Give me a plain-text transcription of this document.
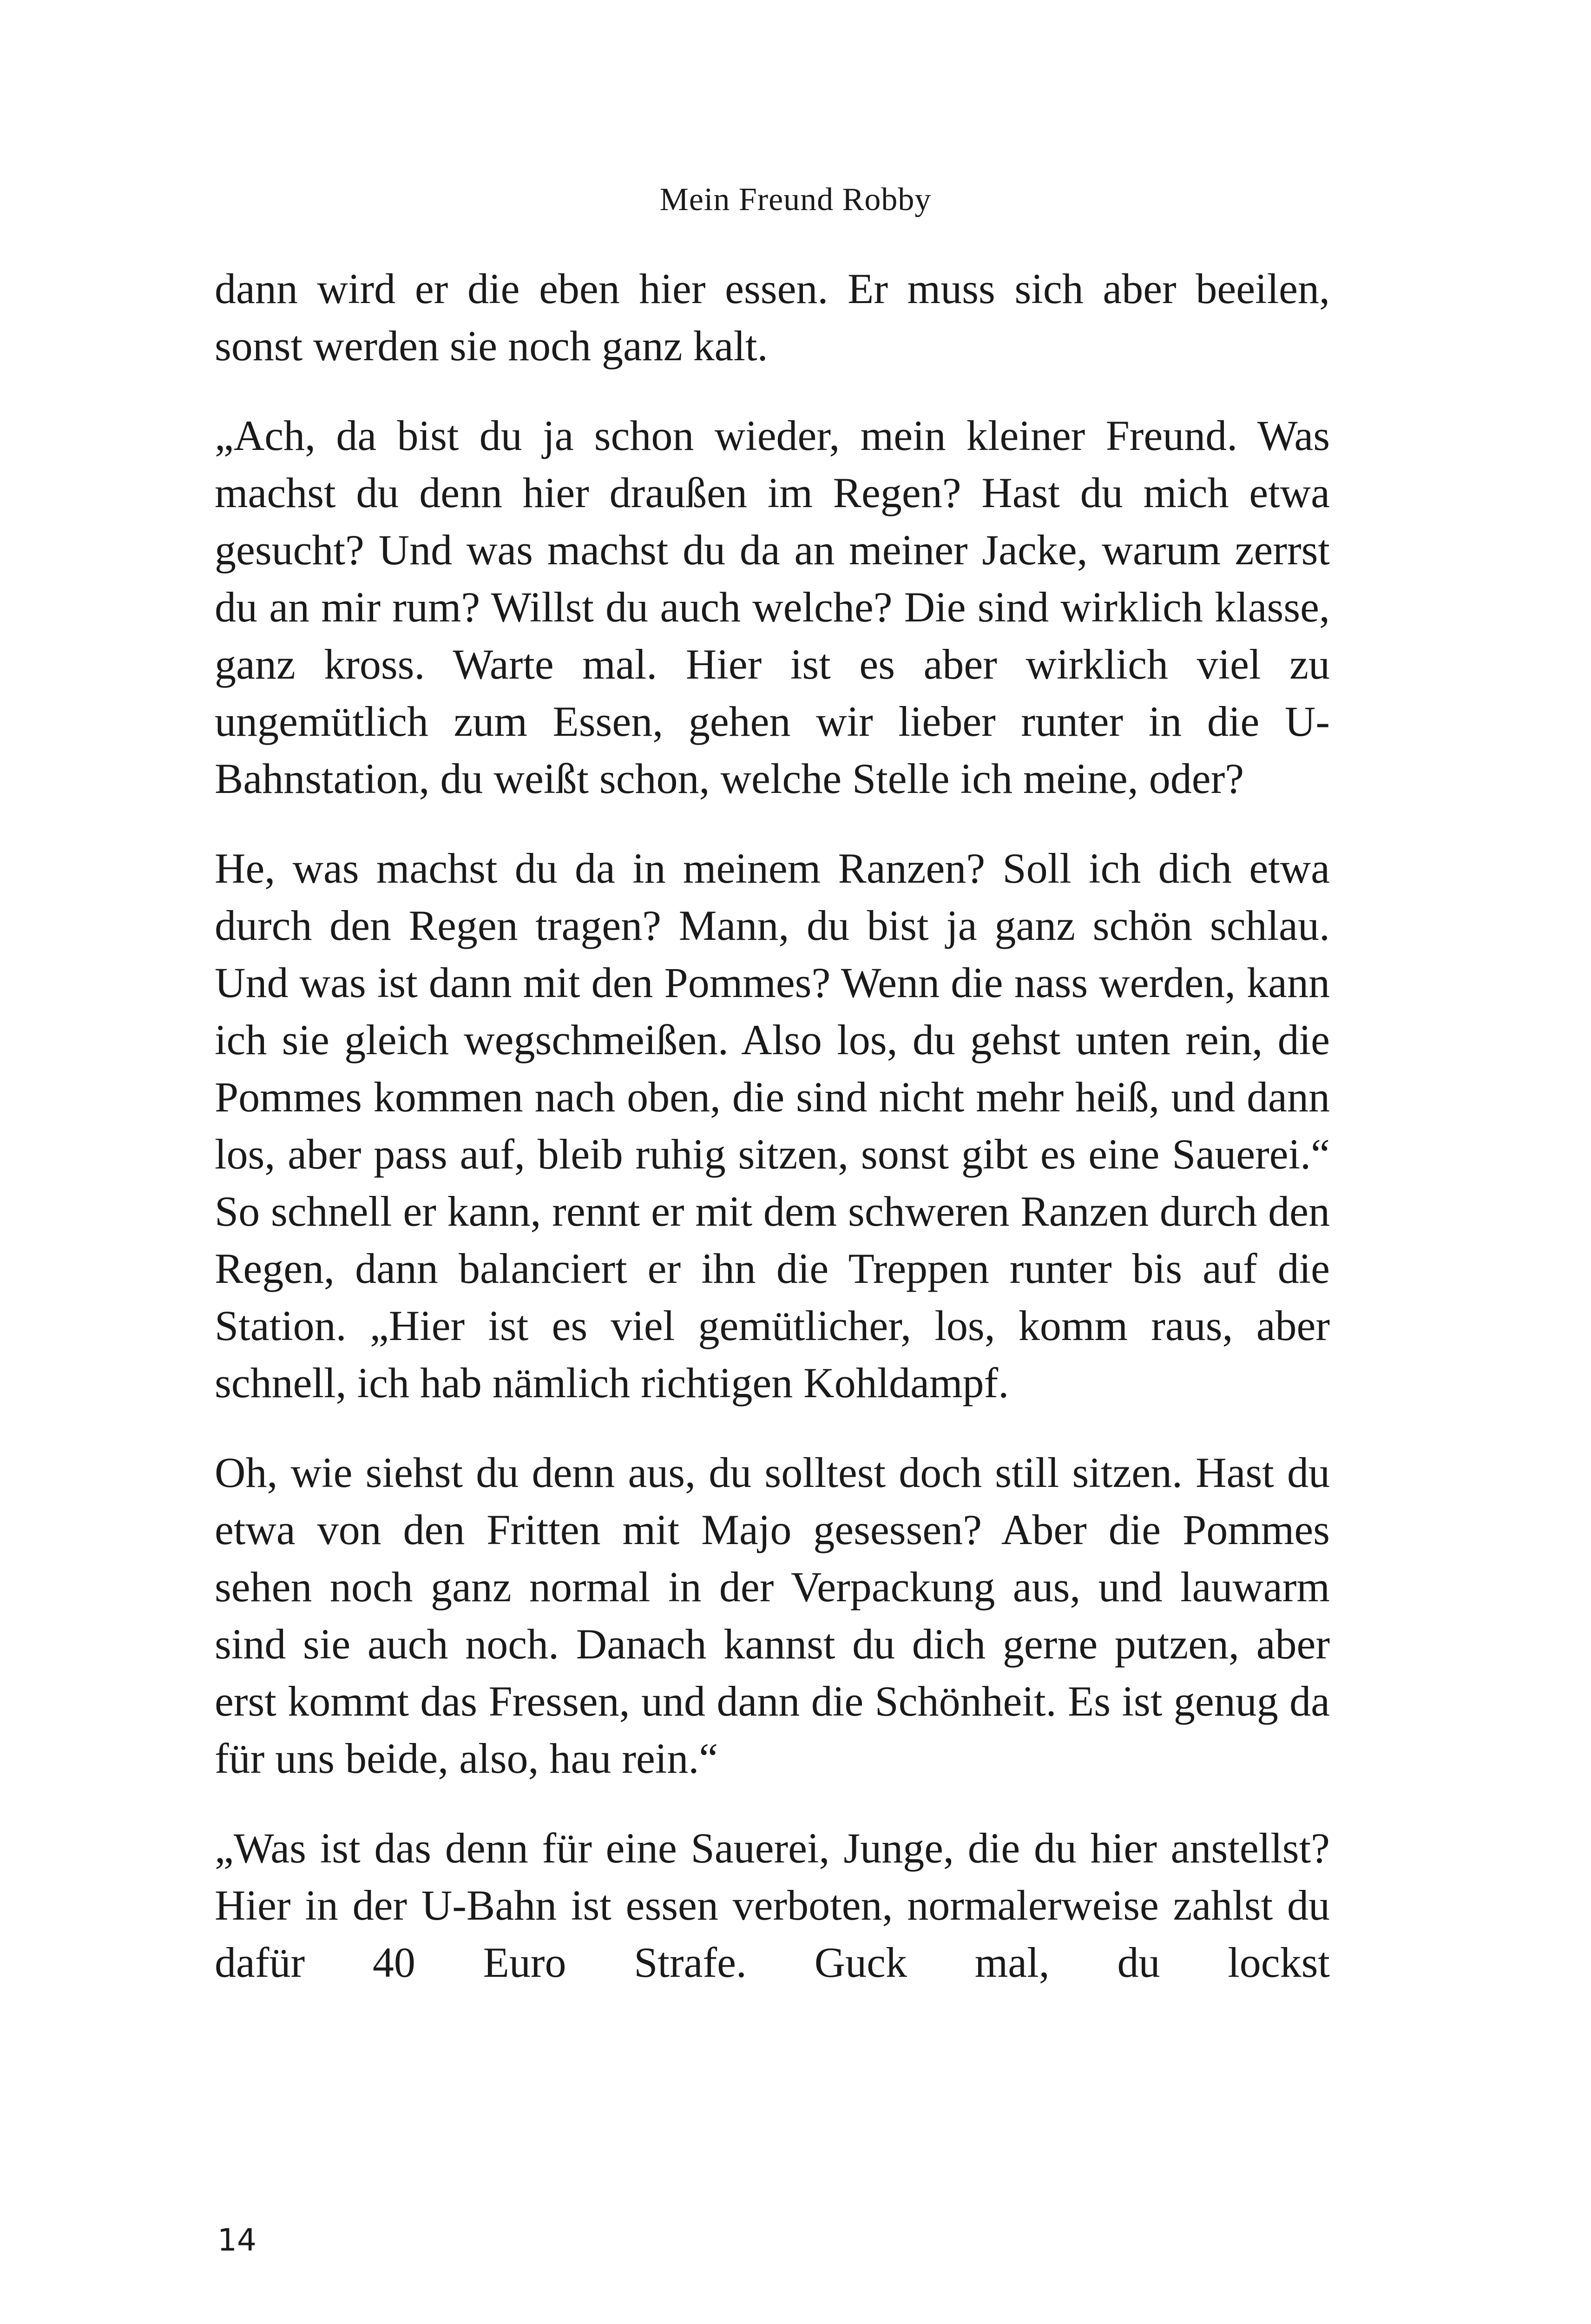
Mein Freund Robby

dann wird er die eben hier essen. Er muss sich aber beeilen, sonst werden sie noch ganz kalt.

„Ach, da bist du ja schon wieder, mein kleiner Freund. Was machst du denn hier draußen im Regen? Hast du mich etwa gesucht? Und was machst du da an meiner Jacke, warum zerrst du an mir rum? Willst du auch welche? Die sind wirklich klasse, ganz kross. Warte mal. Hier ist es aber wirklich viel zu ungemütlich zum Essen, gehen wir lieber runter in die U-Bahnstation, du weißt schon, welche Stelle ich meine, oder?

He, was machst du da in meinem Ranzen? Soll ich dich etwa durch den Regen tragen? Mann, du bist ja ganz schön schlau. Und was ist dann mit den Pommes? Wenn die nass werden, kann ich sie gleich wegschmeißen. Also los, du gehst unten rein, die Pommes kommen nach oben, die sind nicht mehr heiß, und dann los, aber pass auf, bleib ruhig sitzen, sonst gibt es eine Sauerei.“ So schnell er kann, rennt er mit dem schweren Ranzen durch den Regen, dann balanciert er ihn die Treppen runter bis auf die Station. „Hier ist es viel gemütlicher, los, komm raus, aber schnell, ich hab nämlich richtigen Kohldampf.

Oh, wie siehst du denn aus, du solltest doch still sitzen. Hast du etwa von den Fritten mit Majo gesessen? Aber die Pommes sehen noch ganz normal in der Verpackung aus, und lauwarm sind sie auch noch. Danach kannst du dich gerne putzen, aber erst kommt das Fressen, und dann die Schönheit. Es ist genug da für uns beide, also, hau rein.“

„Was ist das denn für eine Sauerei, Junge, die du hier anstellst? Hier in der U-Bahn ist essen verboten, normalerweise zahlst du dafür 40 Euro Strafe. Guck mal, du lockst

14
